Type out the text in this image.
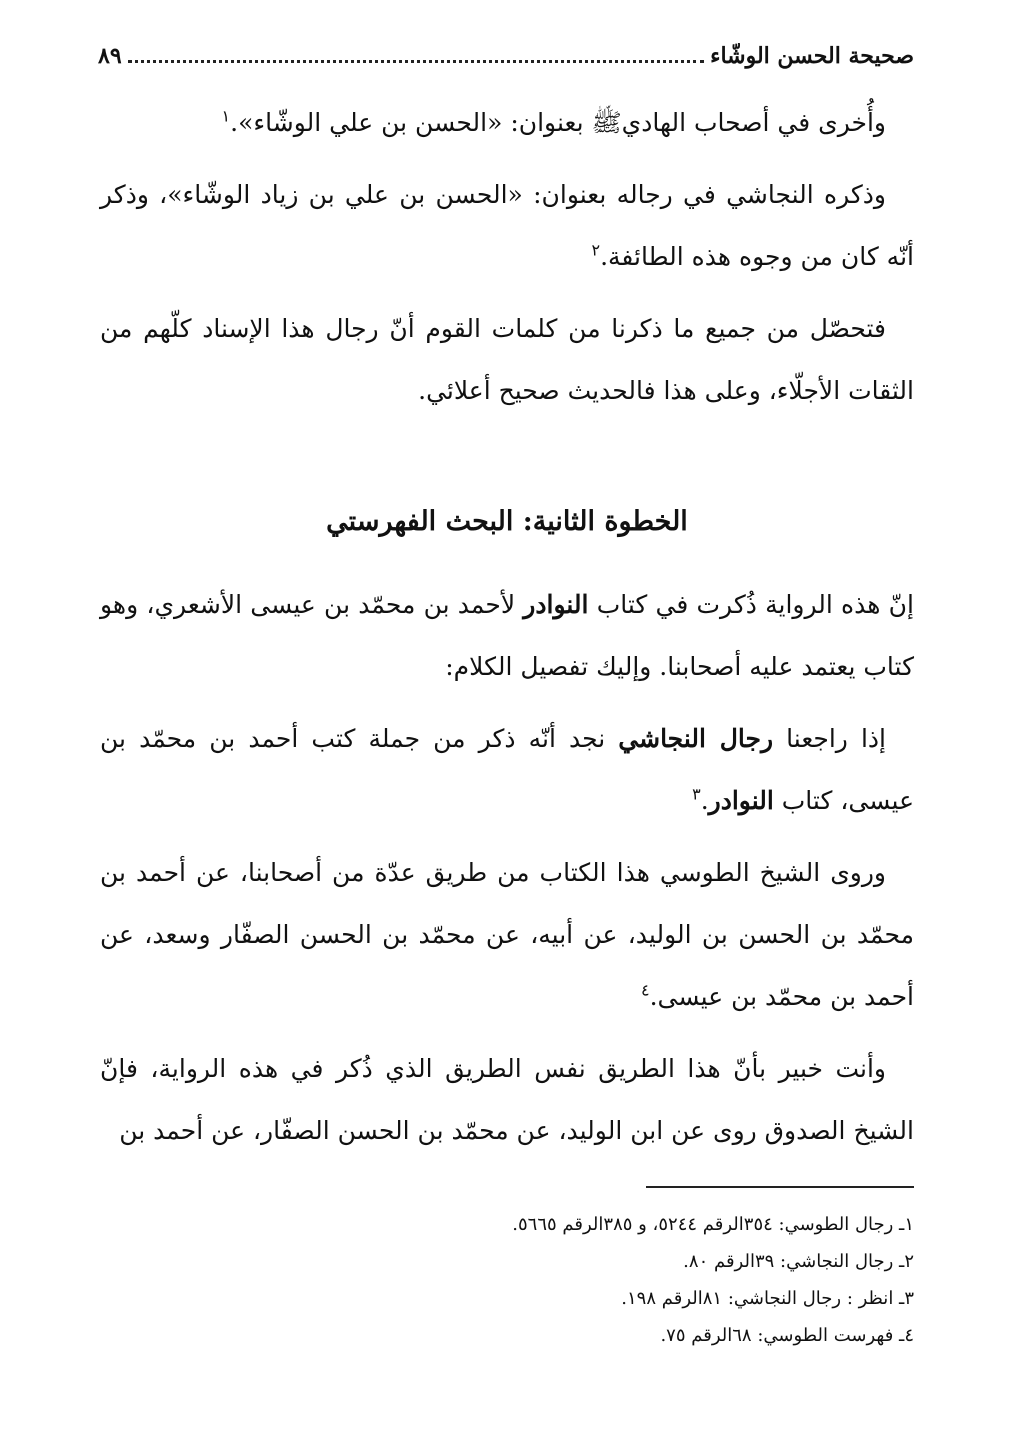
صحيحة الحسن الوشّاء
٨٩

وأُخرى في أصحاب الهاديﷺ بعنوان: «الحسن بن علي الوشّاء».$^١$

وذكره النجاشي في رجاله بعنوان: «الحسن بن علي بن زياد الوشّاء»، وذكر أنّه كان من وجوه هذه الطائفة.$^٢$

فتحصّل من جميع ما ذكرنا من كلمات القوم أنّ رجال هذا الإسناد كلّهم من الثقات الأجلّاء، وعلى هذا فالحديث صحيح أعلائي.

الخطوة الثانية: البحث الفهرستي

إنّ هذه الرواية ذُكرت في كتاب النوادر لأحمد بن محمّد بن عيسى الأشعري، وهو كتاب يعتمد عليه أصحابنا. وإليك تفصيل الكلام:

إذا راجعنا رجال النجاشي نجد أنّه ذكر من جملة كتب أحمد بن محمّد بن عيسى، كتاب النوادر.$^٣$

وروى الشيخ الطوسي هذا الكتاب من طريق عدّة من أصحابنا، عن أحمد بن محمّد بن الحسن بن الوليد، عن أبيه، عن محمّد بن الحسن الصفّار وسعد، عن أحمد بن محمّد بن عيسى.$^٤$

وأنت خبير بأنّ هذا الطريق نفس الطريق الذي ذُكر في هذه الرواية، فإنّ الشيخ الصدوق روى عن ابن الوليد، عن محمّد بن الحسن الصفّار، عن أحمد بن

١ـ رجال الطوسي: ٣٥٤الرقم ٥٢٤٤، و ٣٨٥الرقم ٥٦٦٥.
٢ـ رجال النجاشي: ٣٩الرقم ٨٠.
٣ـ انظر : رجال النجاشي: ٨١الرقم ١٩٨.
٤ـ فهرست الطوسي: ٦٨الرقم ٧٥.
